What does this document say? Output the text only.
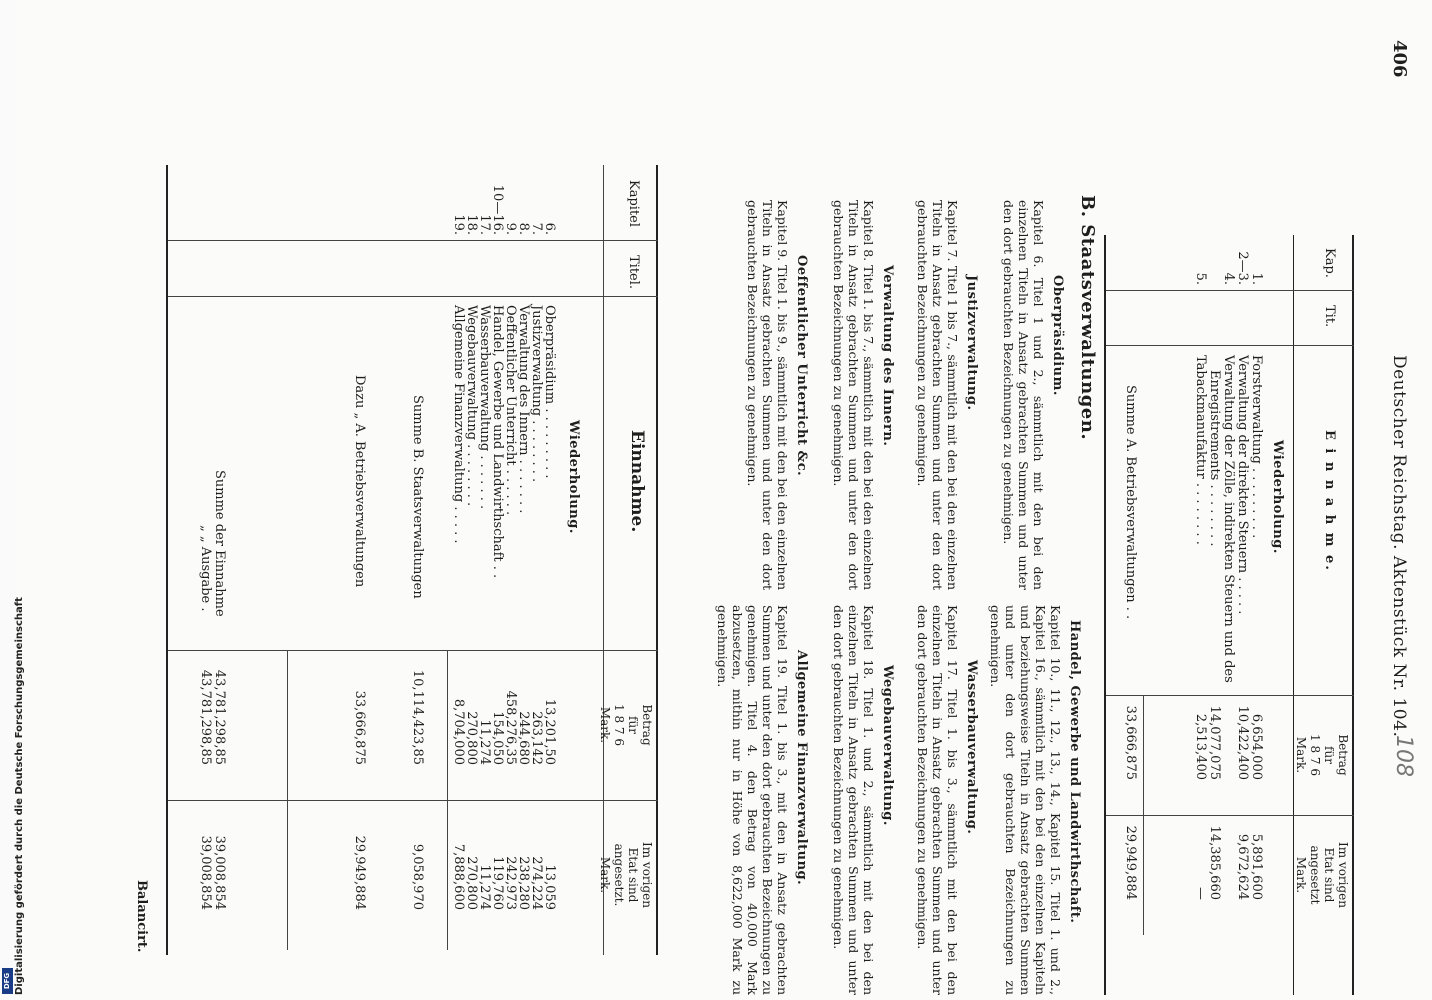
Digitalisierung gefördert durch die Deutsche Forschungsgemeinschaft
DFG
406
Deutscher Reichstag. Aktenstück Nr. 104.
108
Kap.
Tit.
E i n n a h m e.
Betrag
für
1 8 7 6
Mark.
Im vorigen
Etat sind
angesetzt
Mark.
Wiederholung.
1.
Forstverwaltung . . . . . . . . .
6,654,000
5,891,600
2—3.
Verwaltung der direkten Steuern . . . . .
10,422,400
9,672,624
4.
Verwaltung der Zölle, indirekten Steuern und des
Enregistrements . . . . . . . .
14,077,075
14,385,660
5.
Tabackmanufaktur . . . . . . . .
2,513,400
—
Summe A. Betriebsverwaltungen . .
33,666,875
29,949,884
B. Staatsverwaltungen.
Oberpräsidium.
Kapitel 6. Titel 1 und 2., sämmtlich mit den bei den einzelnen Titeln in Ansatz gebrachten Summen und unter den dort gebrauchten Bezeichnungen zu genehmigen.
Justizverwaltung.
Kapitel 7. Titel 1 bis 7., sämmtlich mit den bei den einzelnen Titeln in Ansatz gebrachten Summen und unter den dort gebrauchten Bezeichnungen zu genehmigen.
Verwaltung des Innern.
Kapitel 8. Titel 1. bis 7., sämmtlich mit den bei den einzelnen Titeln in Ansatz gebrachten Summen und unter den dort gebrauchten Bezeichnungen zu genehmigen.
Oeffentlicher Unterricht &c.
Kapitel 9. Titel 1. bis 9., sämmtlich mit den bei den einzelnen Titeln in Ansatz gebrachten Summen und unter den dort gebrauchten Bezeichnungen zu genehmigen.
Handel, Gewerbe und Landwirthschaft.
Kapitel 10., 11., 12., 13., 14., Kapitel 15. Titel 1. und 2., Kapitel 16., sämmtlich mit den bei den einzelnen Kapiteln und beziehungsweise Titeln in Ansatz gebrachten Summen und unter den dort gebrauchten Bezeichnungen zu genehmigen.
Wasserbauverwaltung.
Kapitel 17. Titel 1. bis 3., sämmtlich mit den bei den einzelnen Titeln in Ansatz gebrachten Summen und unter den dort gebrauchten Bezeichnungen zu genehmigen.
Wegebauverwaltung.
Kapitel 18. Titel 1. und 2., sämmtlich mit den bei den einzelnen Titeln in Ansatz gebrachten Summen und unter den dort gebrauchten Bezeichnungen zu genehmigen.
Allgemeine Finanzverwaltung.
Kapitel 19. Titel 1. bis 3., mit den in Ansatz gebrachten Summen und unter den dort gebrauchten Bezeichnungen zu genehmigen. Titel 4. den Betrag von 40,000 Mark abzusetzen, mithin nur in Höhe von 8,622,000 Mark zu genehmigen.
Kapitel
Titel.
Einnahme.
Betrag
für
1 8 7 6
Mark.
Im vorigen
Etat sind
angesetzt.
Mark.
Wiederholung.
6.
Oberpräsidium . . . . . . . . .
13,201,50
13,059
7.
Justizverwaltung . . . . . . . .
263,142
274,224
8.
Verwaltung des Innern . . . . . . .
244,680
238,280
9.
Oeffentlicher Unterricht . . . . . .
458,276,35
242,973
10—16.
Handel, Gewerbe und Landwirthschaft . .
154,050
119,760
17.
Wasserbauverwaltung . . . . . . .
11,274
11,274
18.
Wegebauverwaltung . . . . . . . .
270,800
270,800
19.
Allgemeine Finanzverwaltung . . . . .
8,704,000
7,888,600
Summe B. Staatsverwaltungen
10,114,423,85
9,058,970
Dazu „ A. Betriebsverwaltungen
33,666,875
29,949,884
Summe der Einnahme
43,781,298,85
39,008,854
„ „ Ausgabe .
43,781,298,85
39,008,854
Balancirt.
